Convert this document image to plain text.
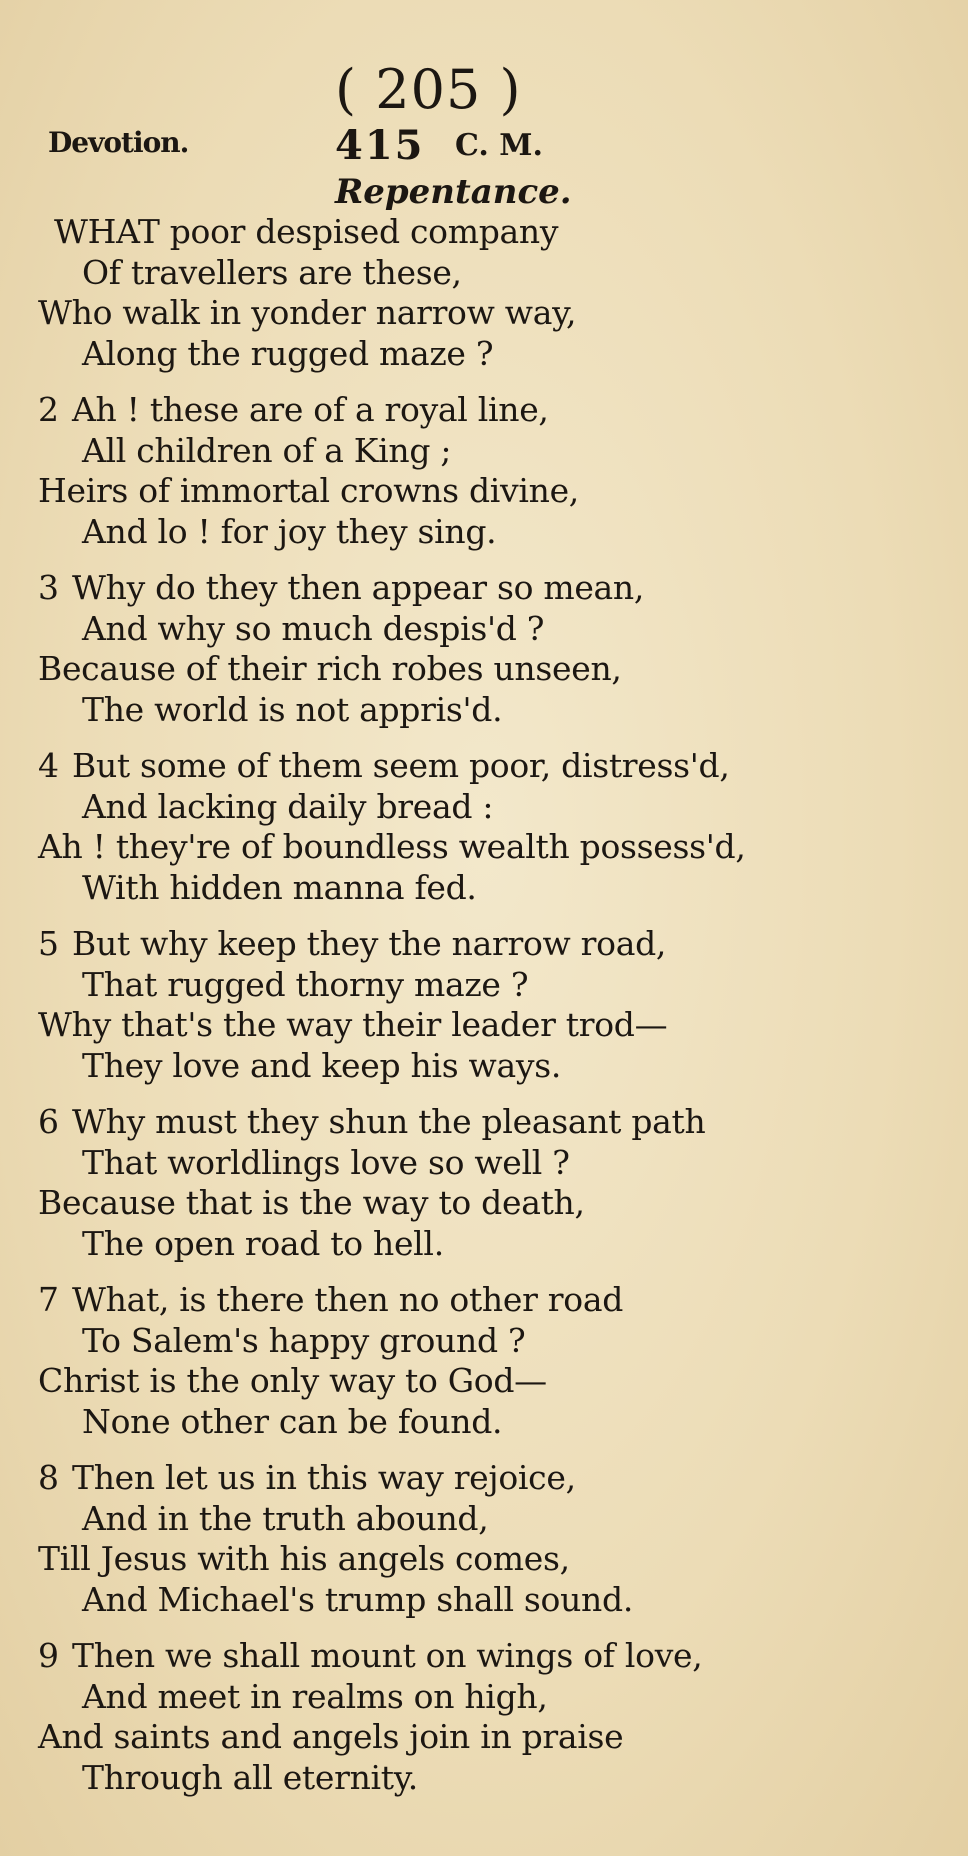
( 205 )
Devotion.	415 C. M.
Repentance.
WHAT poor despised company
Of travellers are these,
Who walk in yonder narrow way,
Along the rugged maze ?
2 Ah ! these are of a royal line,
All children of a King ;
Heirs of immortal crowns divine,
And lo ! for joy they sing.
3 Why do they then appear so mean,
And why so much despis'd ?
Because of their rich robes unseen,
The world is not appris'd.
4 But some of them seem poor, distress'd,
And lacking daily bread :
Ah ! they're of boundless wealth possess'd,
With hidden manna fed.
5 But why keep they the narrow road,
That rugged thorny maze ?
Why that's the way their leader trod—
They love and keep his ways.
6 Why must they shun the pleasant path
That worldlings love so well ?
Because that is the way to death,
The open road to hell.
7 What, is there then no other road
To Salem's happy ground ?
Christ is the only way to God—
None other can be found.
8 Then let us in this way rejoice,
And in the truth abound,
Till Jesus with his angels comes,
And Michael's trump shall sound.
9 Then we shall mount on wings of love,
And meet in realms on high,
And saints and angels join in praise
Through all eternity.
